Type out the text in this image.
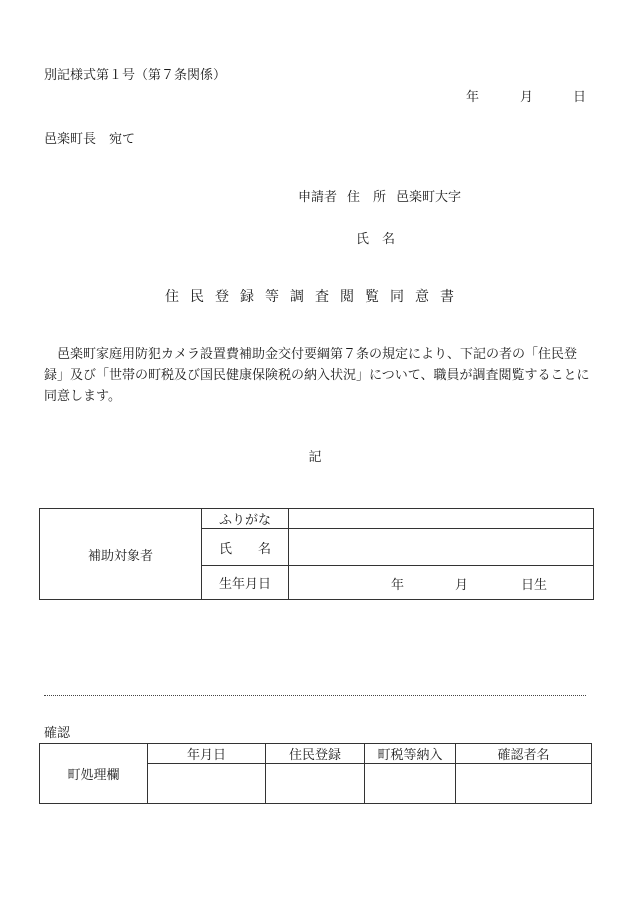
別記様式第１号（第７条関係）
年	月	日
邑楽町長　宛て
申請者 住　所 邑楽町大字
氏　名
住民登録等調査閲覧同意書
邑楽町家庭用防犯カメラ設置費補助金交付要綱第７条の規定により、下記の者の「住民登録」及び「世帯の町税及び国民健康保険税の納入状況」について、職員が調査閲覧することに同意します。
記
補助対象者	ふりがな	
	氏　　名	
	生年月日	年 月 日生
確認
町処理欄	年月日	住民登録	町税等納入	確認者名
